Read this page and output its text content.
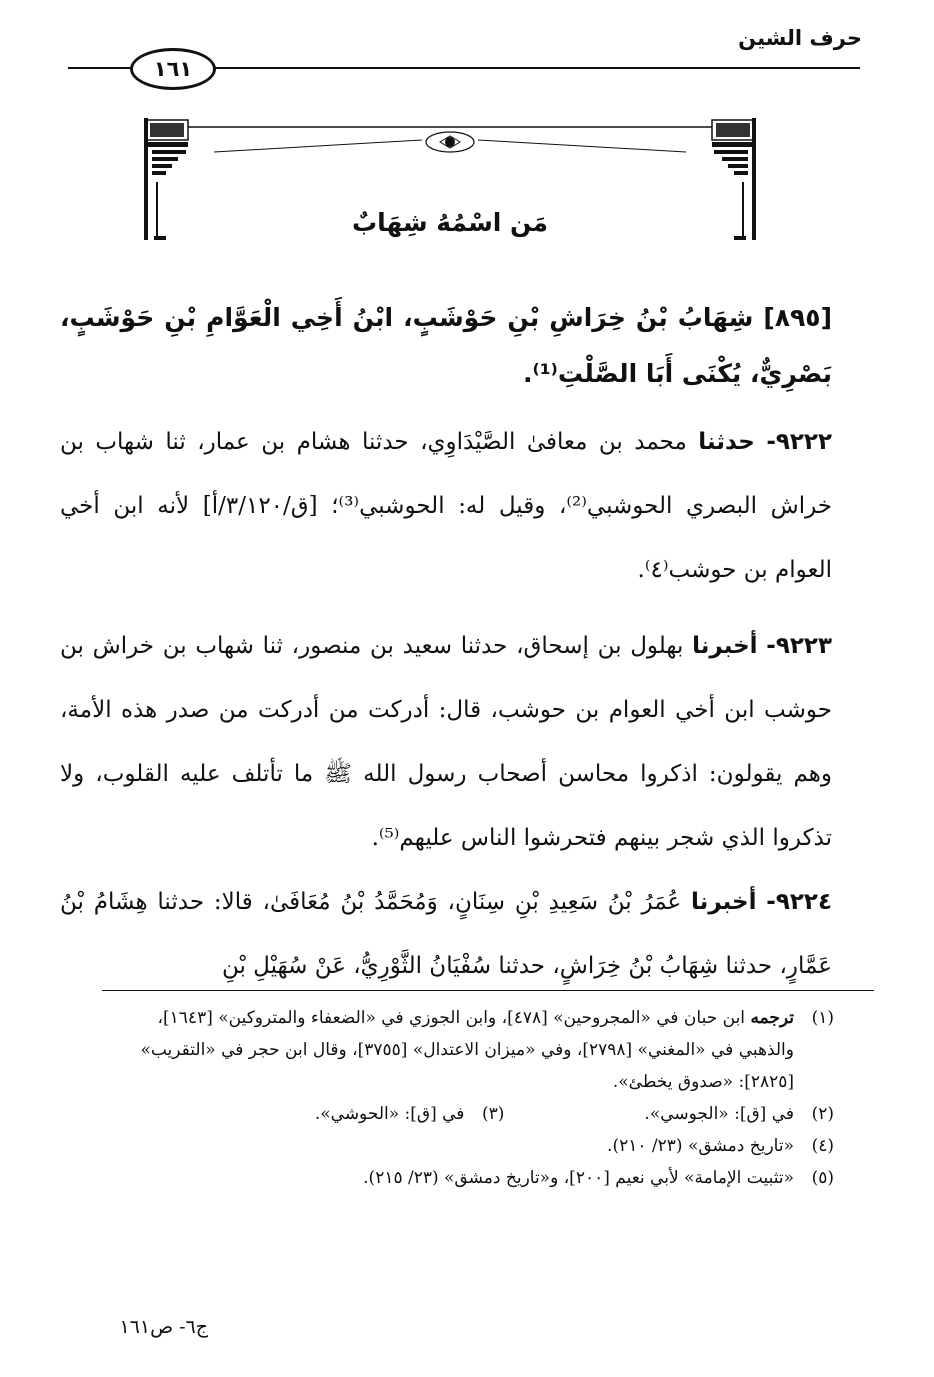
حرف الشين
١٦١
مَن اسْمُهُ شِهَابٌ
[٨٩٥] شِهَابُ بْنُ خِرَاشِ بْنِ حَوْشَبٍ، ابْنُ أَخِي الْعَوَّامِ بْنِ حَوْشَبٍ، بَصْرِيٌّ، يُكْنَى أَبَا الصَّلْتِ⁽¹⁾.
٩٢٢٢- حدثنا محمد بن معافىٰ الصَّيْدَاوِي، حدثنا هشام بن عمار، ثنا شهاب بن خراش البصري الحوشبي⁽²⁾، وقيل له: الحوشبي⁽³⁾؛ [ق/٣/١٢٠/أ] لأنه ابن أخي العوام بن حوشب⁽٤⁾.
٩٢٢٣- أخبرنا بهلول بن إسحاق، حدثنا سعيد بن منصور، ثنا شهاب بن خراش بن حوشب ابن أخي العوام بن حوشب، قال: أدركت من أدركت من صدر هذه الأمة، وهم يقولون: اذكروا محاسن أصحاب رسول الله ﷺ ما تأتلف عليه القلوب، ولا تذكروا الذي شجر بينهم فتحرشوا الناس عليهم⁽⁵⁾.
٩٢٢٤- أخبرنا عُمَرُ بْنُ سَعِيدِ بْنِ سِنَانٍ، وَمُحَمَّدُ بْنُ مُعَافَىٰ، قالا: حدثنا هِشَامُ بْنُ عَمَّارٍ، حدثنا شِهَابُ بْنُ خِرَاشٍ، حدثنا سُفْيَانُ الثَّوْرِيُّ، عَنْ سُهَيْلِ بْنِ
(١)
ترجمه ابن حبان في «المجروحين» [٤٧٨]، وابن الجوزي في «الضعفاء والمتروكين» [١٦٤٣]، والذهبي في «المغني» [٢٧٩٨]، وفي «ميزان الاعتدال» [٣٧٥٥]، وقال ابن حجر في «التقريب» [٢٨٢٥]: «صدوق يخطئ».
(٢)
في [ق]: «الجوسي».
(٣)
في [ق]: «الحوشي».
(٤)
«تاريخ دمشق» (٢٣/ ٢١٠).
(٥)
«تثبيت الإمامة» لأبي نعيم [٢٠٠]، و«تاريخ دمشق» (٢٣/ ٢١٥).
ج٦- ص١٦١
